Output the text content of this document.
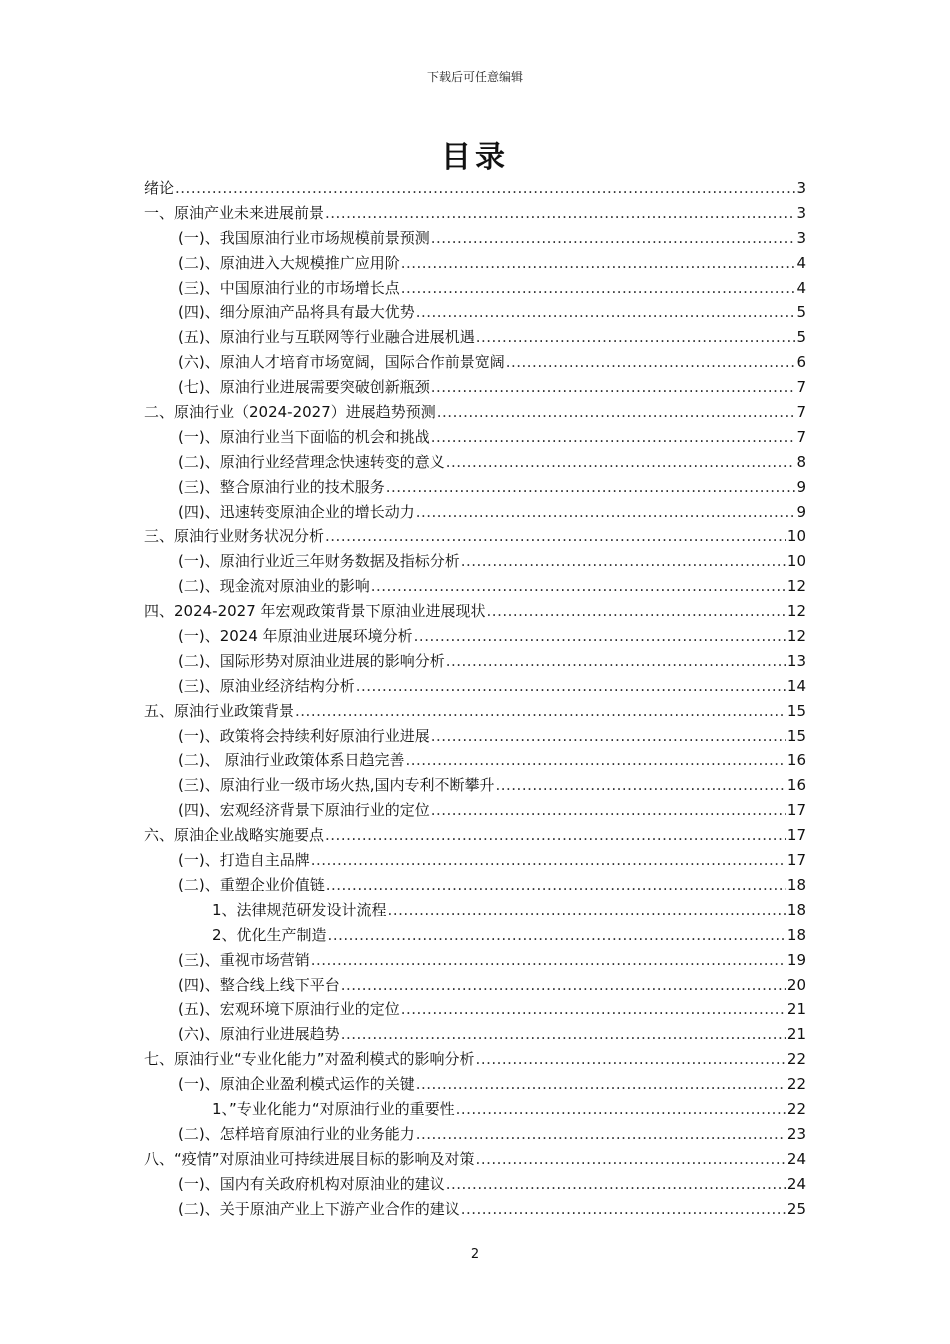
下载后可任意编辑
目录
绪论 .....	3
一、原油产业未来进展前景 .....	3
(一)、我国原油行业市场规模前景预测 .....	3
(二)、原油进入大规模推广应用阶 .....	4
(三)、中国原油行业的市场增长点 .....	4
(四)、细分原油产品将具有最大优势 .....	5
(五)、原油行业与互联网等行业融合进展机遇 .....	5
(六)、原油人才培育市场宽阔，国际合作前景宽阔 .....	6
(七)、原油行业进展需要突破创新瓶颈 .....	7
二、原油行业（2024-2027）进展趋势预测 .....	7
(一)、原油行业当下面临的机会和挑战 .....	7
(二)、原油行业经营理念快速转变的意义 .....	8
(三)、整合原油行业的技术服务 .....	9
(四)、迅速转变原油企业的增长动力 .....	9
三、原油行业财务状况分析 .....	10
(一)、原油行业近三年财务数据及指标分析 .....	10
(二)、现金流对原油业的影响 .....	12
四、2024-2027 年宏观政策背景下原油业进展现状 .....	12
(一)、2024 年原油业进展环境分析 .....	12
(二)、国际形势对原油业进展的影响分析 .....	13
(三)、原油业经济结构分析 .....	14
五、原油行业政策背景 .....	15
(一)、政策将会持续利好原油行业进展 .....	15
(二)、 原油行业政策体系日趋完善 .....	16
(三)、原油行业一级市场火热,国内专利不断攀升 .....	16
(四)、宏观经济背景下原油行业的定位 .....	17
六、原油企业战略实施要点 .....	17
(一)、打造自主品牌 .....	17
(二)、重塑企业价值链 .....	18
1、法律规范研发设计流程 .....	18
2、优化生产制造 .....	18
(三)、重视市场营销 .....	19
(四)、整合线上线下平台 .....	20
(五)、宏观环境下原油行业的定位 .....	21
(六)、原油行业进展趋势 .....	21
七、原油行业“专业化能力”对盈利模式的影响分析 .....	22
(一)、原油企业盈利模式运作的关键 .....	22
1、”专业化能力“对原油行业的重要性 .....	22
(二)、怎样培育原油行业的业务能力 .....	23
八、“疫情”对原油业可持续进展目标的影响及对策 .....	24
(一)、国内有关政府机构对原油业的建议 .....	24
(二)、关于原油产业上下游产业合作的建议 .....	25
2
